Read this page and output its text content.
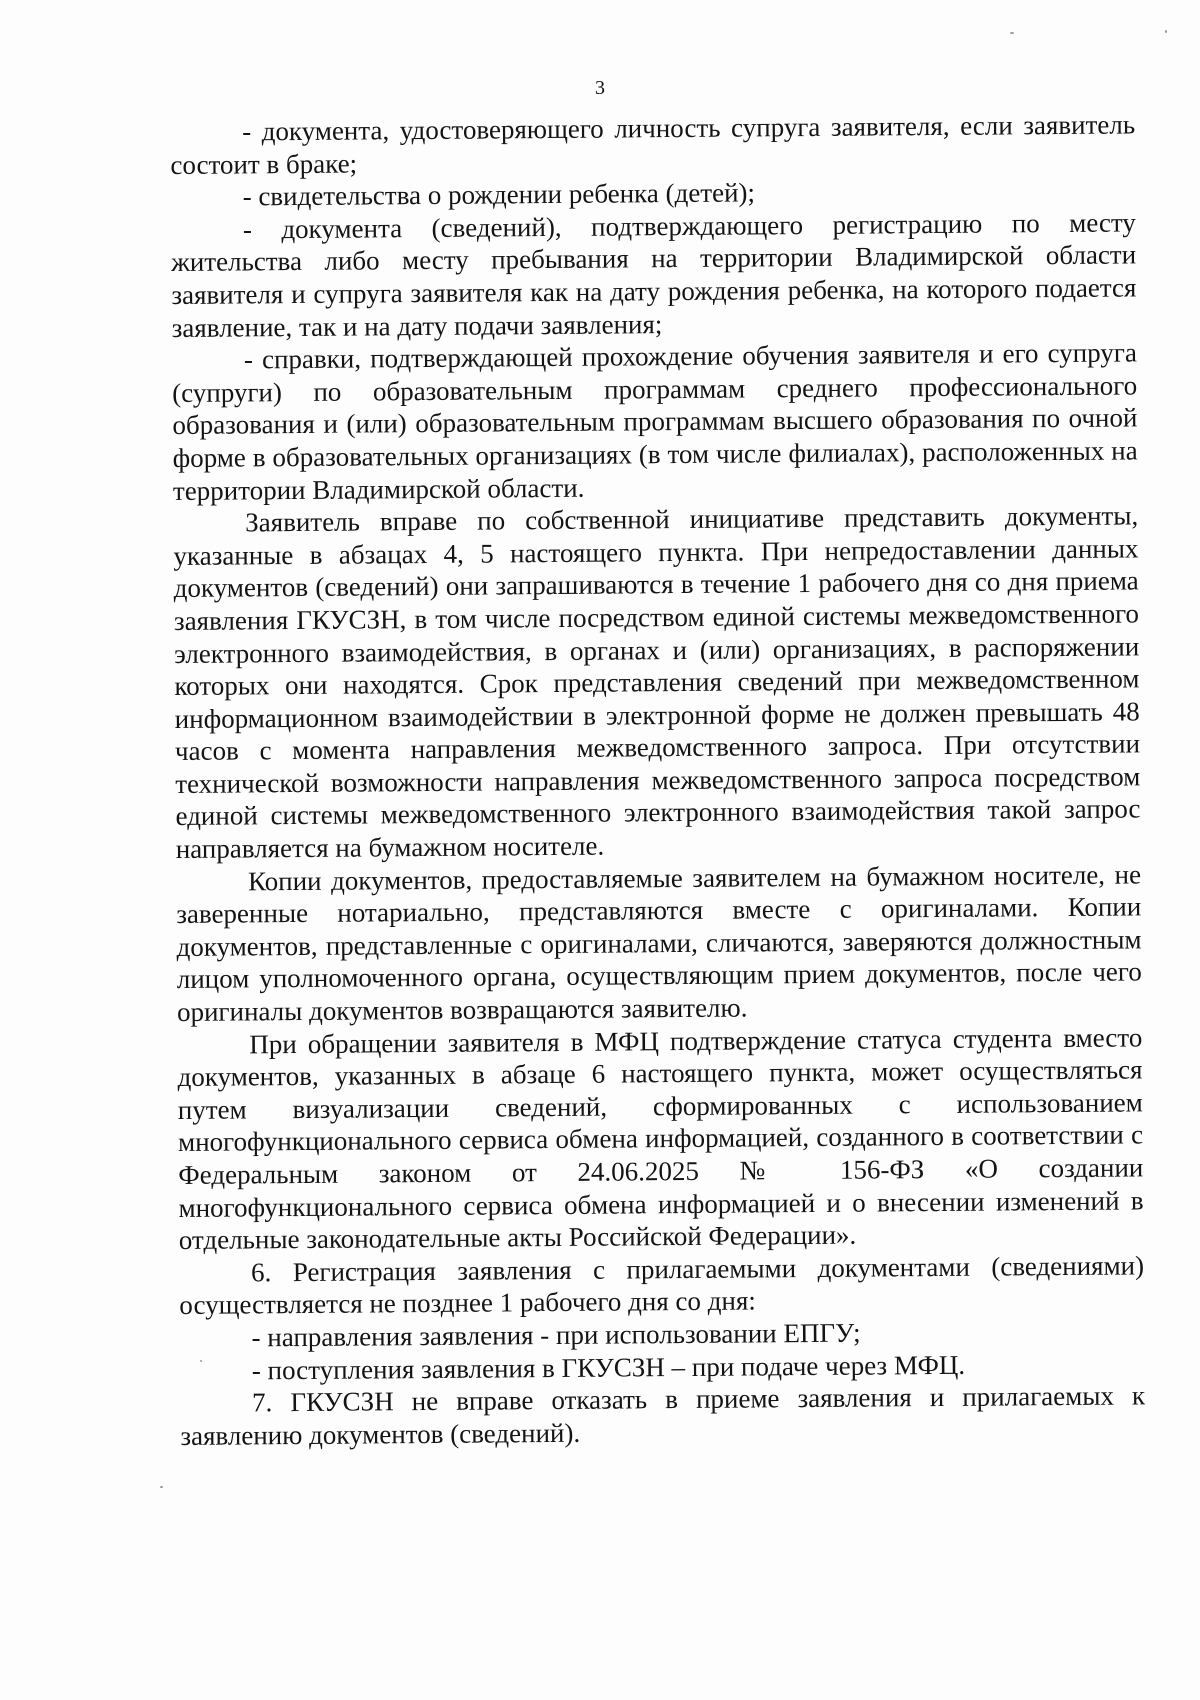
3

- документа, удостоверяющего личность супруга заявителя, если заявитель состоит в браке;

- свидетельства о рождении ребенка (детей);

- документа (сведений), подтверждающего регистрацию по месту жительства либо месту пребывания на территории Владимирской области заявителя и супруга заявителя как на дату рождения ребенка, на которого подается заявление, так и на дату подачи заявления;

- справки, подтверждающей прохождение обучения заявителя и его супруга (супруги) по образовательным программам среднего профессионального образования и (или) образовательным программам высшего образования по очной форме в образовательных организациях (в том числе филиалах), расположенных на территории Владимирской области.

Заявитель вправе по собственной инициативе представить документы, указанные в абзацах 4, 5 настоящего пункта. При непредоставлении данных документов (сведений) они запрашиваются в течение 1 рабочего дня со дня приема заявления ГКУСЗН, в том числе посредством единой системы межведомственного электронного взаимодействия, в органах и (или) организациях, в распоряжении которых они находятся. Срок представления сведений при межведомственном информационном взаимодействии в электронной форме не должен превышать 48 часов с момента направления межведомственного запроса. При отсутствии технической возможности направления межведомственного запроса посредством единой системы межведомственного электронного взаимодействия такой запрос направляется на бумажном носителе.

Копии документов, предоставляемые заявителем на бумажном носителе, не заверенные нотариально, представляются вместе с оригиналами. Копии документов, представленные с оригиналами, сличаются, заверяются должностным лицом уполномоченного органа, осуществляющим прием документов, после чего оригиналы документов возвращаются заявителю.

При обращении заявителя в МФЦ подтверждение статуса студента вместо документов, указанных в абзаце 6 настоящего пункта, может осуществляться путем визуализации сведений, сформированных с использованием многофункционального сервиса обмена информацией, созданного в соответствии с Федеральным законом от 24.06.2025 № 156-ФЗ «О создании многофункционального сервиса обмена информацией и о внесении изменений в отдельные законодательные акты Российской Федерации».

6. Регистрация заявления с прилагаемыми документами (сведениями) осуществляется не позднее 1 рабочего дня со дня:

- направления заявления - при использовании ЕПГУ;

- поступления заявления в ГКУСЗН – при подаче через МФЦ.

7. ГКУСЗН не вправе отказать в приеме заявления и прилагаемых к заявлению документов (сведений).
